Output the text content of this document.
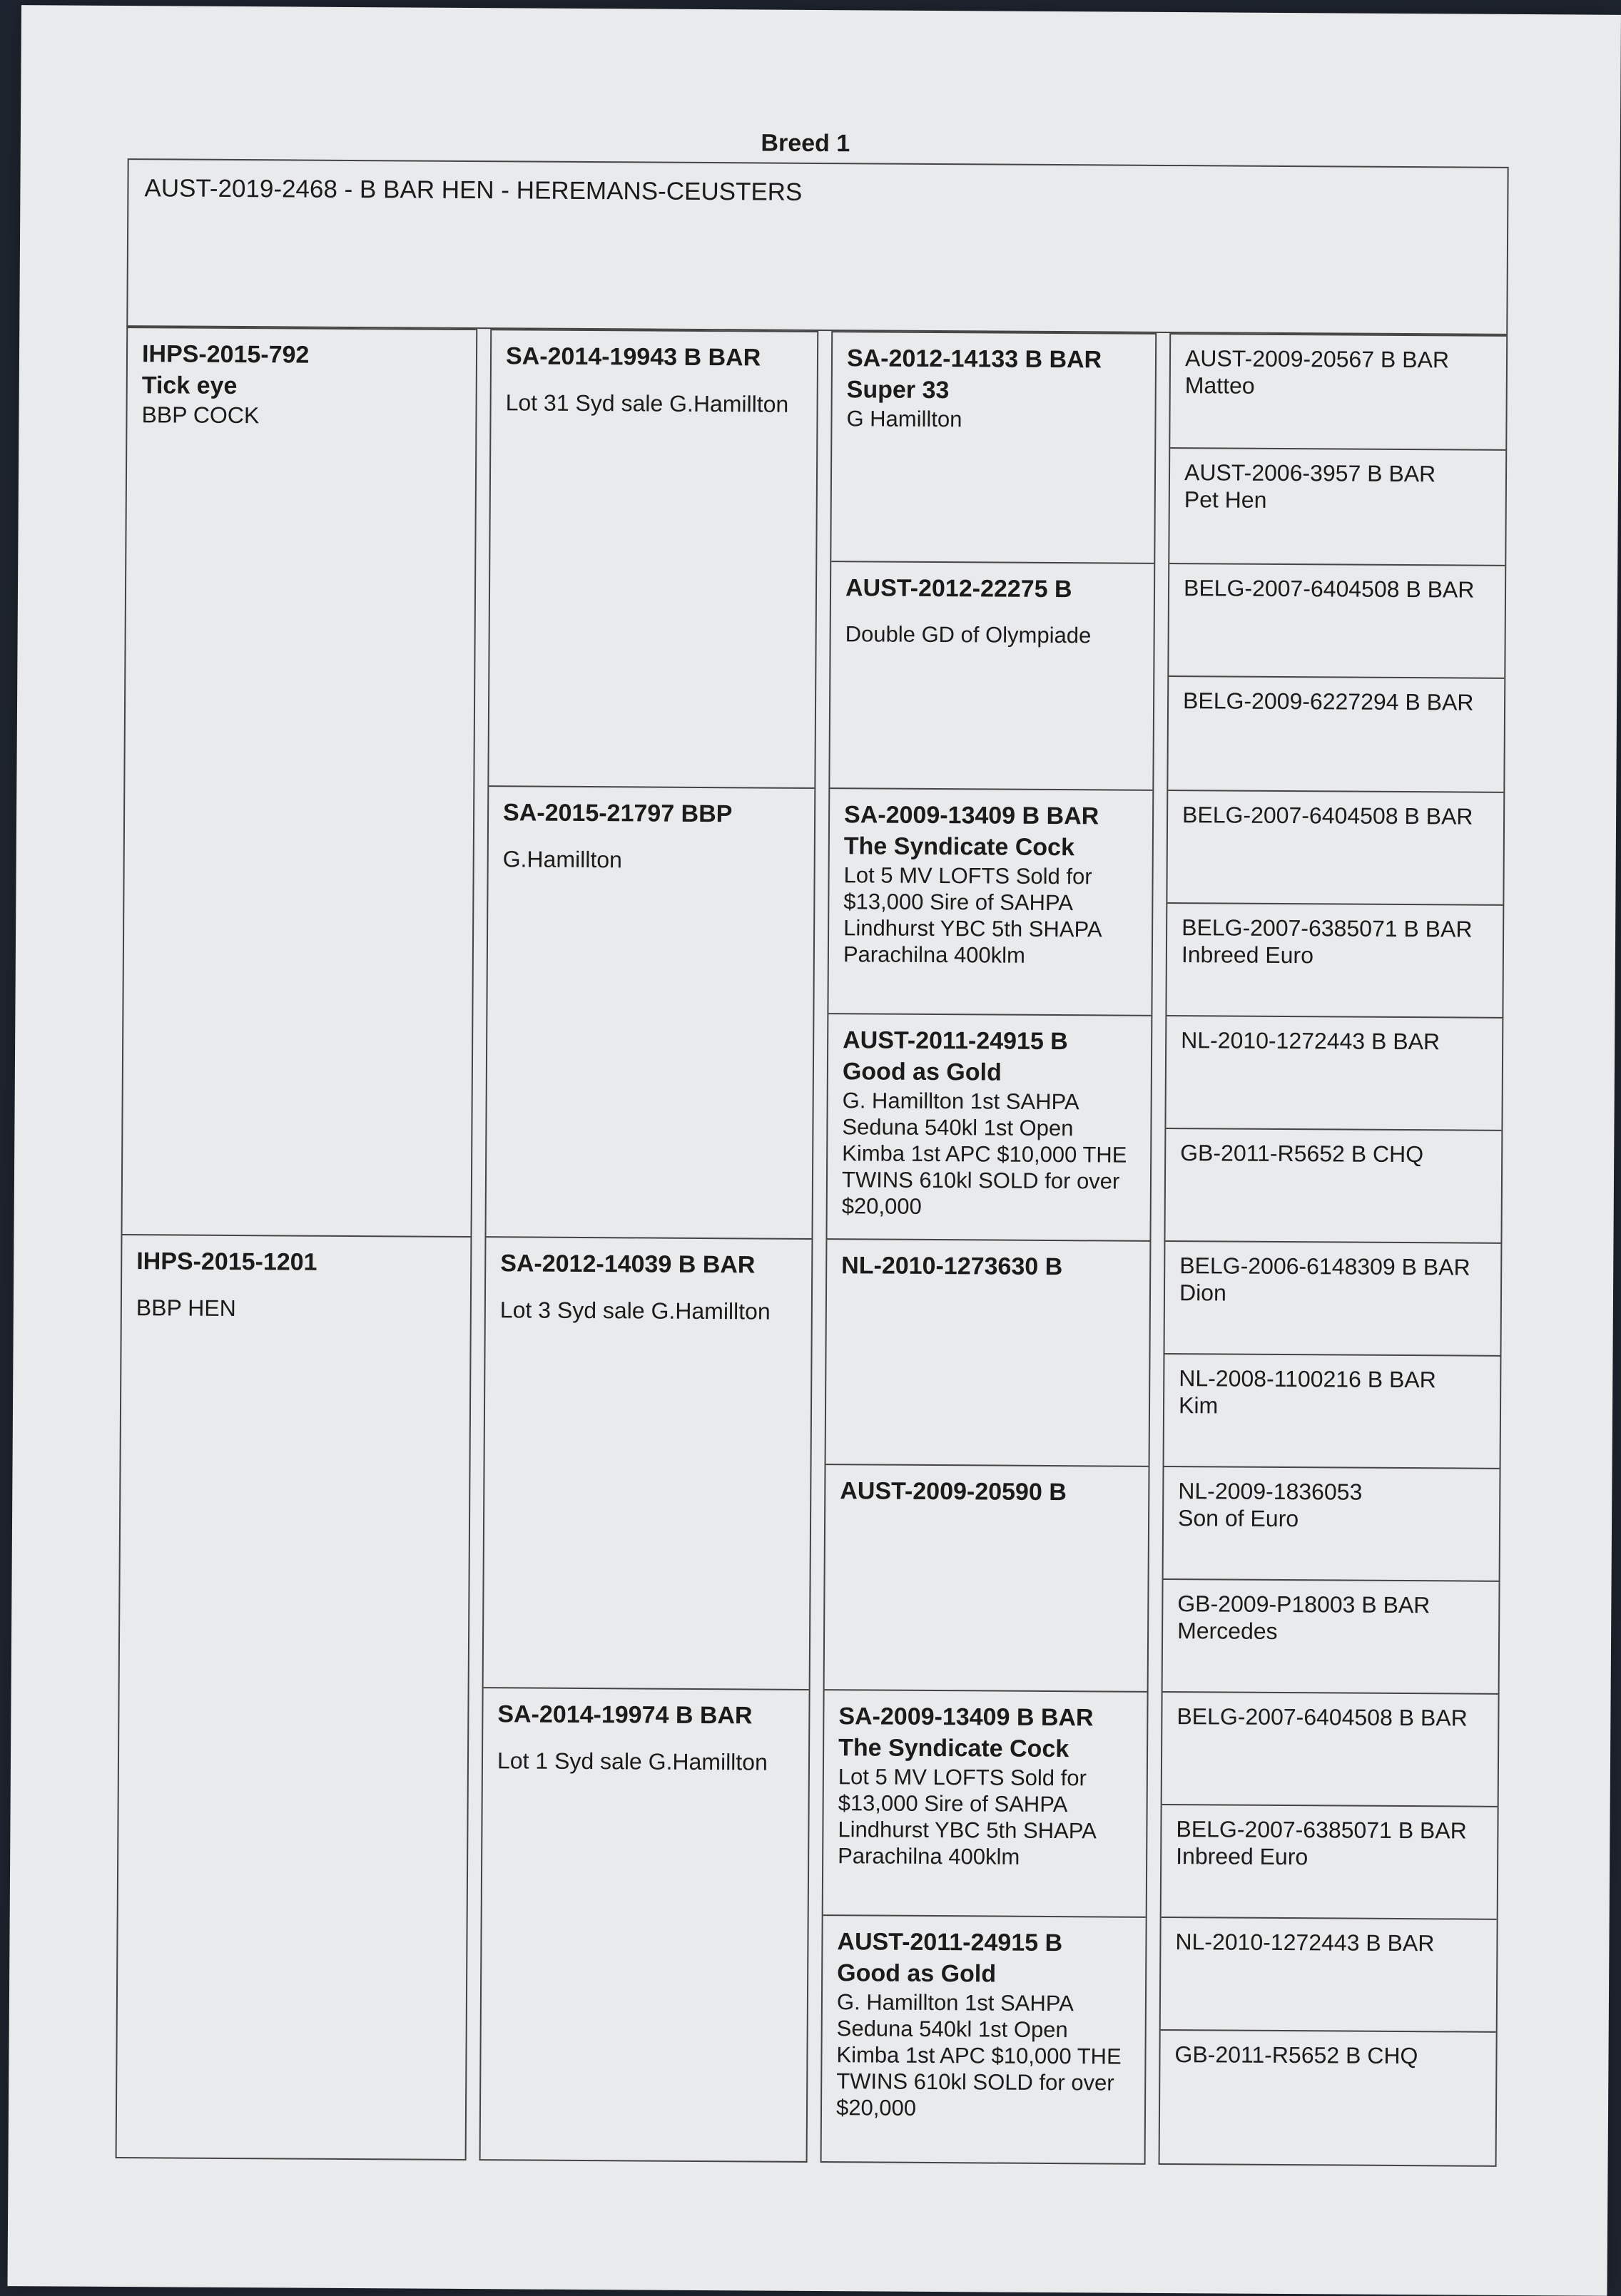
Breed 1
AUST-2019-2468 - B BAR HEN - HEREMANS-CEUSTERS
IHPS-2015-792
Tick eye
BBP COCK
IHPS-2015-1201
BBP HEN
SA-2014-19943 B BAR
Lot 31 Syd sale G.Hamillton
SA-2015-21797 BBP
G.Hamillton
SA-2012-14039 B BAR
Lot 3 Syd sale G.Hamillton
SA-2014-19974 B BAR
Lot 1 Syd sale G.Hamillton
SA-2012-14133 B BAR
Super 33
G Hamillton
AUST-2012-22275 B
Double GD of Olympiade
SA-2009-13409 B BAR
The Syndicate Cock
Lot 5 MV LOFTS Sold for $13,000 Sire of SAHPA Lindhurst YBC 5th SHAPA Parachilna 400klm
AUST-2011-24915 B
Good as Gold
G. Hamillton 1st SAHPA Seduna 540kl 1st Open Kimba 1st APC $10,000 THE TWINS 610kl SOLD for over $20,000
NL-2010-1273630 B
AUST-2009-20590 B
SA-2009-13409 B BAR
The Syndicate Cock
Lot 5 MV LOFTS Sold for $13,000 Sire of SAHPA Lindhurst YBC 5th SHAPA Parachilna 400klm
AUST-2011-24915 B
Good as Gold
G. Hamillton 1st SAHPA Seduna 540kl 1st Open Kimba 1st APC $10,000 THE TWINS 610kl SOLD for over $20,000
AUST-2009-20567 B BAR
Matteo
AUST-2006-3957 B BAR
Pet Hen
BELG-2007-6404508 B BAR
BELG-2009-6227294 B BAR
BELG-2007-6404508 B BAR
BELG-2007-6385071 B BAR
Inbreed Euro
NL-2010-1272443 B BAR
GB-2011-R5652 B CHQ
BELG-2006-6148309 B BAR
Dion
NL-2008-1100216 B BAR
Kim
NL-2009-1836053
Son of Euro
GB-2009-P18003 B BAR
Mercedes
BELG-2007-6404508 B BAR
BELG-2007-6385071 B BAR
Inbreed Euro
NL-2010-1272443 B BAR
GB-2011-R5652 B CHQ
